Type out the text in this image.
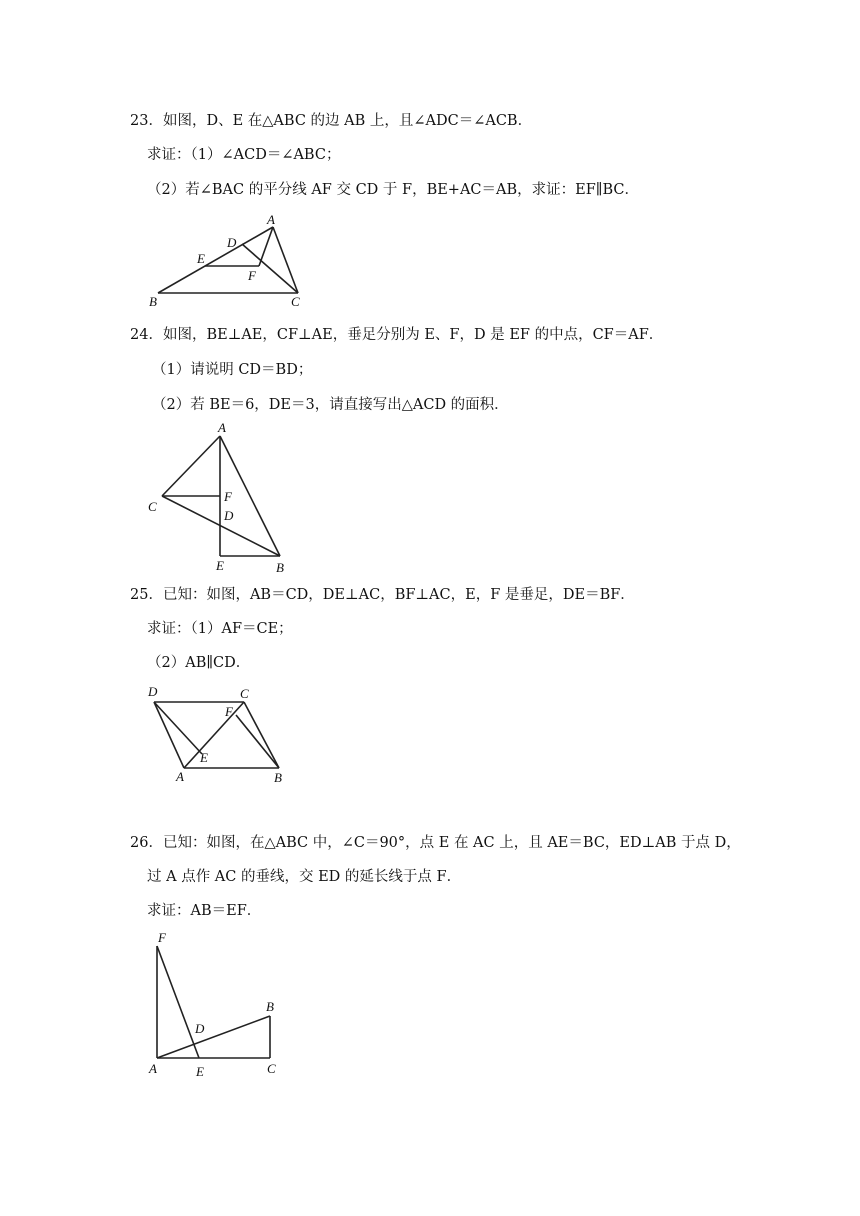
23．如图，D、E 在△ABC 的边 AB 上，且∠ADC＝∠ACB．
求证：（1）∠ACD＝∠ABC；
（2）若∠BAC 的平分线 AF 交 CD 于 F，BE+AC＝AB，求证：EF∥BC．
A
D
E
F
B	C
24．如图，BE⊥AE，CF⊥AE，垂足分别为 E、F，D 是 EF 的中点，CF＝AF．
（1）请说明 CD＝BD；
（2）若 BE＝6，DE＝3，请直接写出△ACD 的面积．
A
C
F
D
E	B
25．已知：如图，AB＝CD，DE⊥AC，BF⊥AC，E，F 是垂足，DE＝BF．
求证：（1）AF＝CE；
（2）AB∥CD．
D	C
F
E
A	B
26．已知：如图，在△ABC 中，∠C＝90°，点 E 在 AC 上，且 AE＝BC，ED⊥AB 于点 D，
过 A 点作 AC 的垂线，交 ED 的延长线于点 F．
求证：AB＝EF．
F
B
D
A	E	C
